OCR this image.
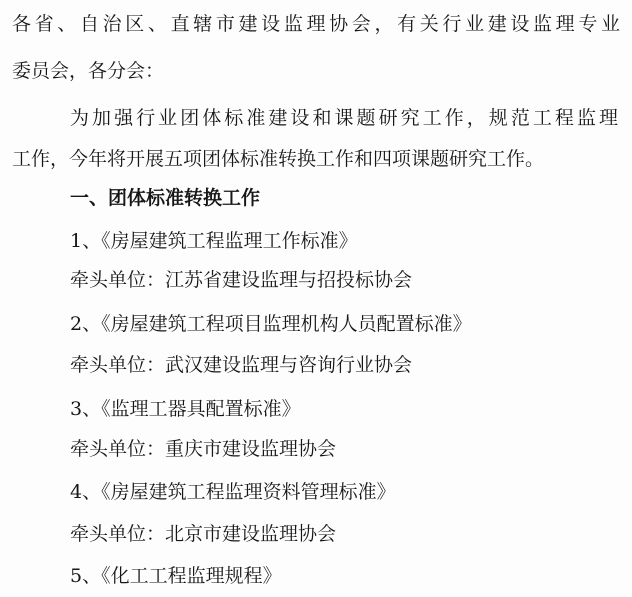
各省、自治区、直辖市建设监理协会，有关行业建设监理专业
委员会，各分会：
为加强行业团体标准建设和课题研究工作，规范工程监理
工作，今年将开展五项团体标准转换工作和四项课题研究工作。
一、团体标准转换工作
1、《房屋建筑工程监理工作标准》
牵头单位：江苏省建设监理与招投标协会
2、《房屋建筑工程项目监理机构人员配置标准》
牵头单位：武汉建设监理与咨询行业协会
3、《监理工器具配置标准》
牵头单位：重庆市建设监理协会
4、《房屋建筑工程监理资料管理标准》
牵头单位：北京市建设监理协会
5、《化工工程监理规程》
